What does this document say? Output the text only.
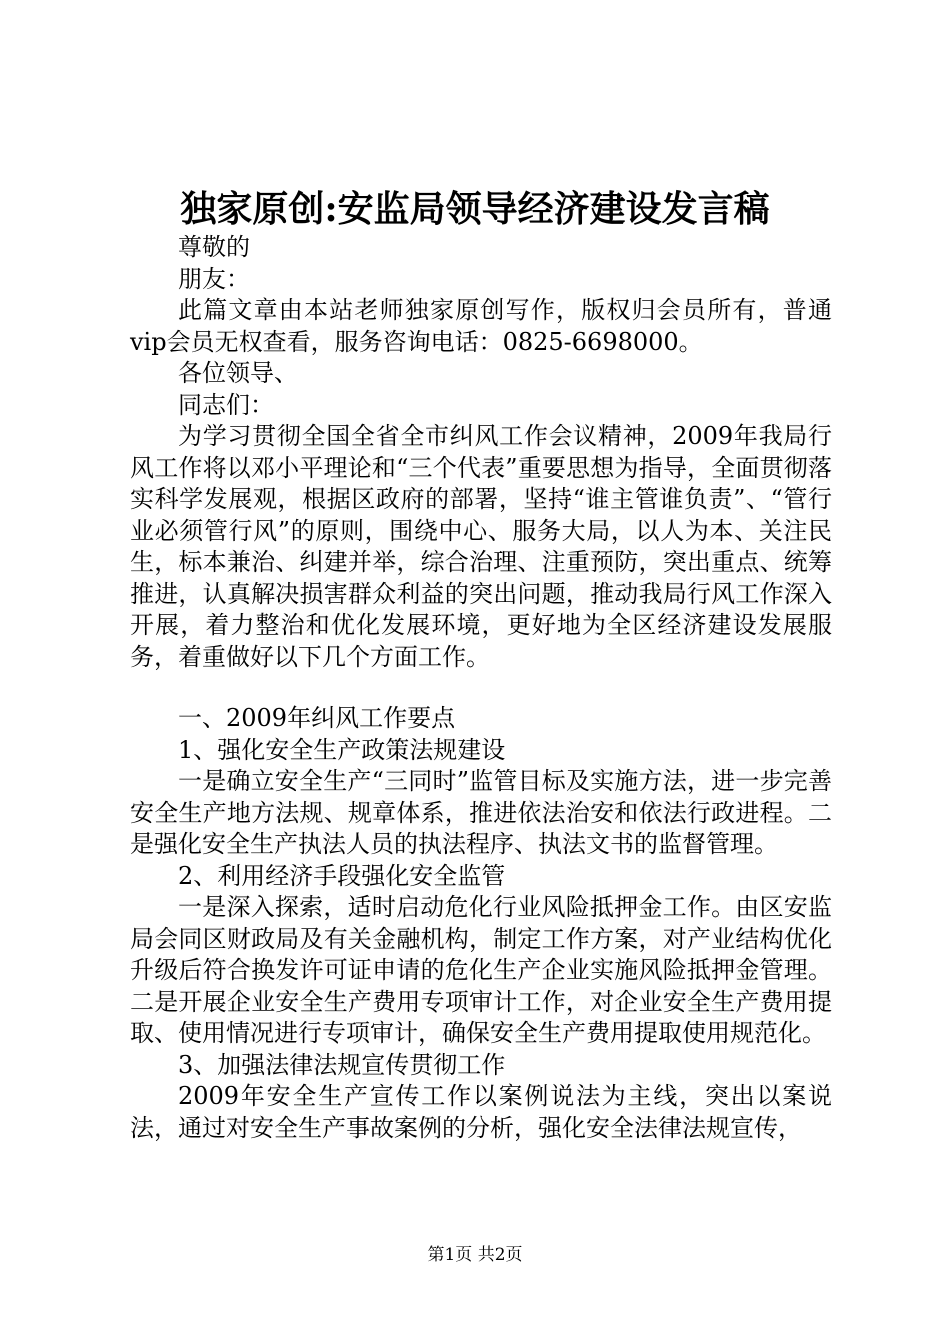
独家原创:安监局领导经济建设发言稿

尊敬的

朋友：

此篇文章由本站老师独家原创写作，版权归会员所有，普通vip会员无权查看，服务咨询电话：0825-6698000。

各位领导、

同志们：

为学习贯彻全国全省全市纠风工作会议精神，2009年我局行风工作将以邓小平理论和“三个代表”重要思想为指导，全面贯彻落实科学发展观，根据区政府的部署，坚持“谁主管谁负责”、“管行业必须管行风”的原则，围绕中心、服务大局，以人为本、关注民生，标本兼治、纠建并举，综合治理、注重预防，突出重点、统筹推进，认真解决损害群众利益的突出问题，推动我局行风工作深入开展，着力整治和优化发展环境，更好地为全区经济建设发展服务，着重做好以下几个方面工作。

一、2009年纠风工作要点

1、强化安全生产政策法规建设

一是确立安全生产“三同时”监管目标及实施方法，进一步完善安全生产地方法规、规章体系，推进依法治安和依法行政进程。二是强化安全生产执法人员的执法程序、执法文书的监督管理。

2、利用经济手段强化安全监管

一是深入探索，适时启动危化行业风险抵押金工作。由区安监局会同区财政局及有关金融机构，制定工作方案，对产业结构优化升级后符合换发许可证申请的危化生产企业实施风险抵押金管理。二是开展企业安全生产费用专项审计工作，对企业安全生产费用提取、使用情况进行专项审计，确保安全生产费用提取使用规范化。

3、加强法律法规宣传贯彻工作

2009年安全生产宣传工作以案例说法为主线，突出以案说法，通过对安全生产事故案例的分析，强化安全法律法规宣传，

第1页 共2页
